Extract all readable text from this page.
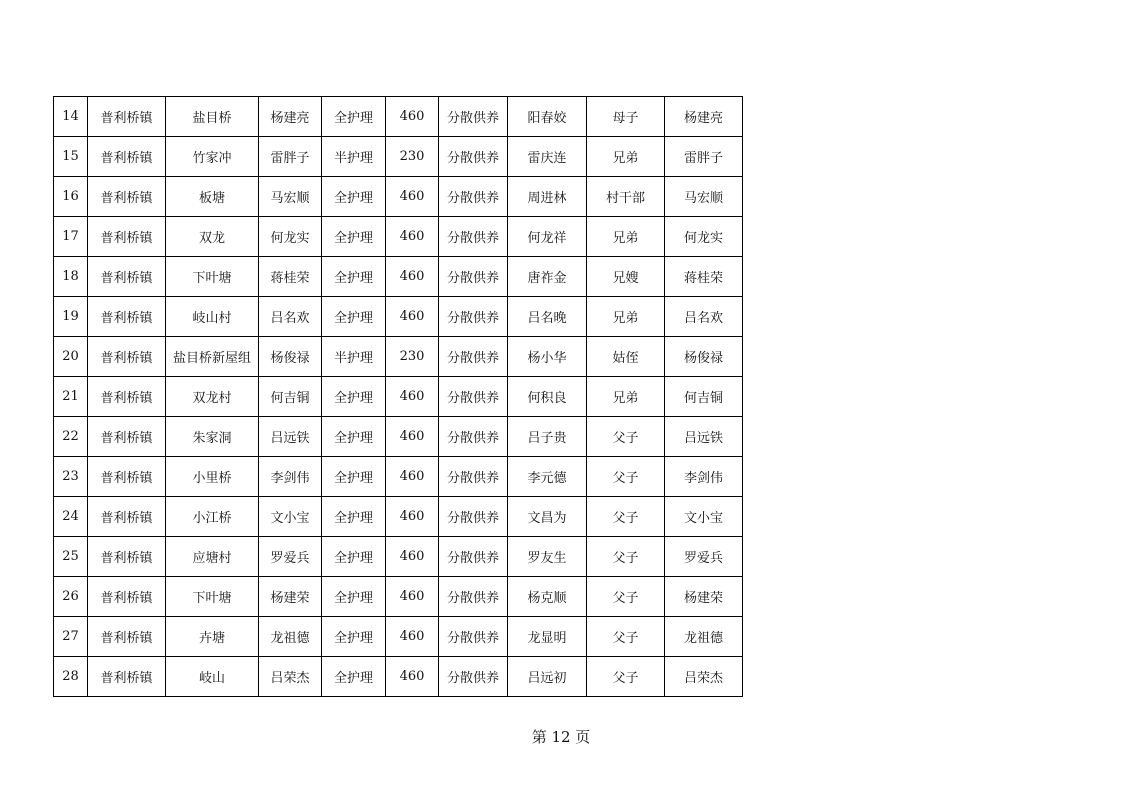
14	普利桥镇	盐目桥	杨建亮	全护理	460	分散供养	阳春姣	母子	杨建亮
15	普利桥镇	竹家冲	雷胖子	半护理	230	分散供养	雷庆连	兄弟	雷胖子
16	普利桥镇	板塘	马宏顺	全护理	460	分散供养	周进林	村干部	马宏顺
17	普利桥镇	双龙	何龙实	全护理	460	分散供养	何龙祥	兄弟	何龙实
18	普利桥镇	下叶塘	蒋桂荣	全护理	460	分散供养	唐祚金	兄嫂	蒋桂荣
19	普利桥镇	岐山村	吕名欢	全护理	460	分散供养	吕名晚	兄弟	吕名欢
20	普利桥镇	盐目桥新屋组	杨俊禄	半护理	230	分散供养	杨小华	姑侄	杨俊禄
21	普利桥镇	双龙村	何吉铜	全护理	460	分散供养	何积良	兄弟	何吉铜
22	普利桥镇	朱家洞	吕远铁	全护理	460	分散供养	吕子贵	父子	吕远铁
23	普利桥镇	小里桥	李剑伟	全护理	460	分散供养	李元德	父子	李剑伟
24	普利桥镇	小江桥	文小宝	全护理	460	分散供养	文昌为	父子	文小宝
25	普利桥镇	应塘村	罗爱兵	全护理	460	分散供养	罗友生	父子	罗爱兵
26	普利桥镇	下叶塘	杨建荣	全护理	460	分散供养	杨克顺	父子	杨建荣
27	普利桥镇	卉塘	龙祖德	全护理	460	分散供养	龙显明	父子	龙祖德
28	普利桥镇	岐山	吕荣杰	全护理	460	分散供养	吕远初	父子	吕荣杰
第 12 页
